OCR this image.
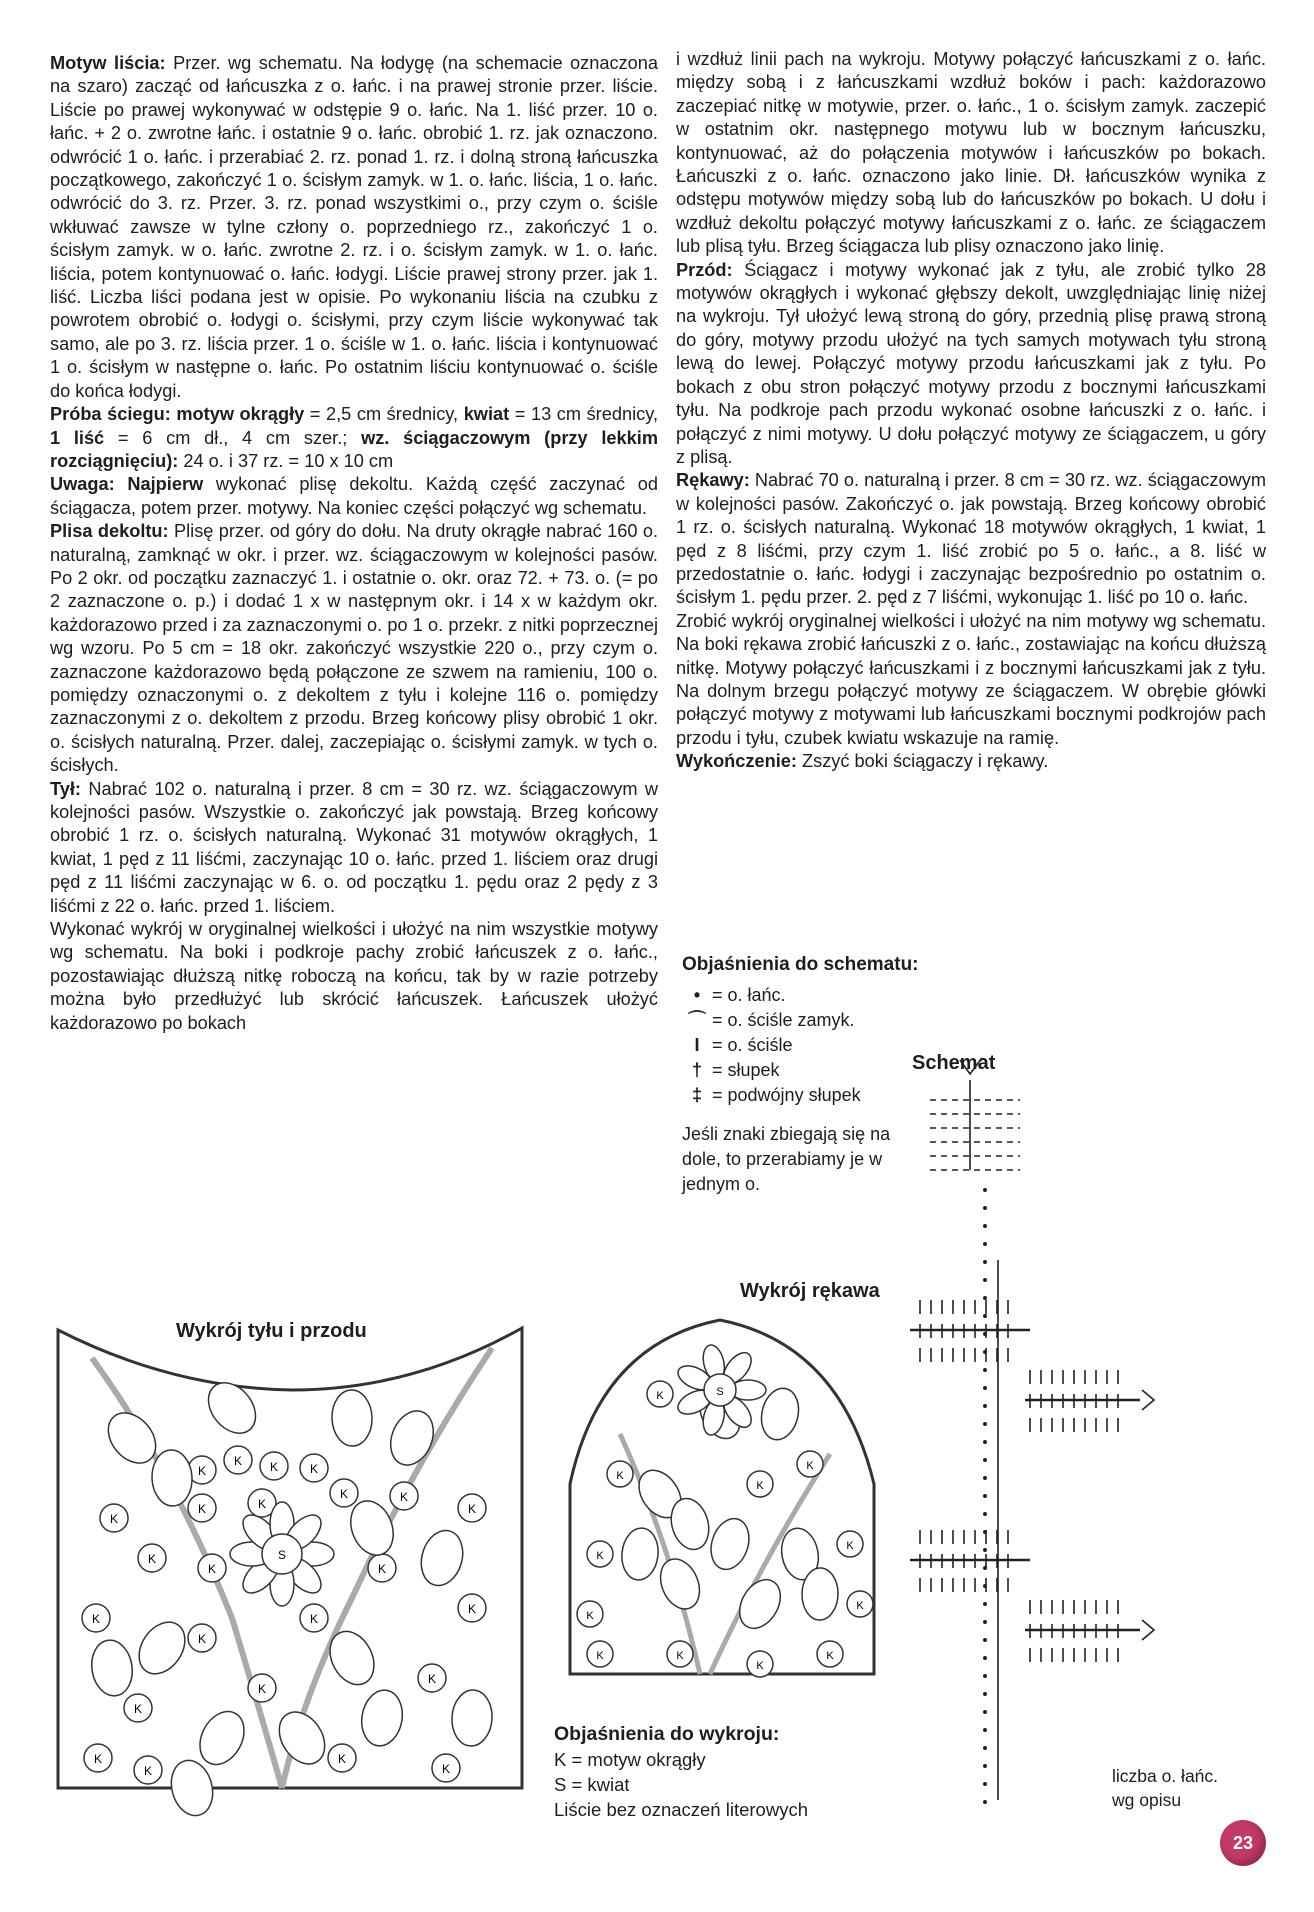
Motyw liścia: Przer. wg schematu. Na łodygę (na schemacie oznaczona na szaro) zacząć od łańcuszka z o. łańc. i na prawej stronie przer. liście. Liście po prawej wykonywać w odstępie 9 o. łańc. Na 1. liść przer. 10 o. łańc. + 2 o. zwrotne łańc. i ostatnie 9 o. łańc. obrobić 1. rz. jak oznaczono. odwrócić 1 o. łańc. i przerabiać 2. rz. ponad 1. rz. i dolną stroną łańcuszka początkowego, zakończyć 1 o. ścisłym zamyk. w 1. o. łańc. liścia, 1 o. łańc. odwrócić do 3. rz. Przer. 3. rz. ponad wszystkimi o., przy czym o. ściśle wkłuwać zawsze w tylne człony o. poprzedniego rz., zakończyć 1 o. ścisłym zamyk. w o. łańc. zwrotne 2. rz. i o. ścisłym zamyk. w 1. o. łańc. liścia, potem kontynuować o. łańc. łodygi. Liście prawej strony przer. jak 1. liść. Liczba liści podana jest w opisie. Po wykonaniu liścia na czubku z powrotem obrobić o. łodygi o. ścisłymi, przy czym liście wykonywać tak samo, ale po 3. rz. liścia przer. 1 o. ściśle w 1. o. łańc. liścia i kontynuować 1 o. ścisłym w następne o. łańc. Po ostatnim liściu kontynuować o. ściśle do końca łodygi.

Próba ściegu: motyw okrągły = 2,5 cm średnicy, kwiat = 13 cm średnicy, 1 liść = 6 cm dł., 4 cm szer.; wz. ściągaczowym (przy lekkim rozciągnięciu): 24 o. i 37 rz. = 10 x 10 cm

Uwaga: Najpierw wykonać plisę dekoltu. Każdą część zaczynać od ściągacza, potem przer. motywy. Na koniec części połączyć wg schematu.

Plisa dekoltu: Plisę przer. od góry do dołu. Na druty okrągłe nabrać 160 o. naturalną, zamknąć w okr. i przer. wz. ściągaczowym w kolejności pasów. Po 2 okr. od początku zaznaczyć 1. i ostatnie o. okr. oraz 72. + 73. o. (= po 2 zaznaczone o. p.) i dodać 1 x w następnym okr. i 14 x w każdym okr. każdorazowo przed i za zaznaczonymi o. po 1 o. przekr. z nitki poprzecznej wg wzoru. Po 5 cm = 18 okr. zakończyć wszystkie 220 o., przy czym o. zaznaczone każdorazowo będą połączone ze szwem na ramieniu, 100 o. pomiędzy oznaczonymi o. z dekoltem z tyłu i kolejne 116 o. pomiędzy zaznaczonymi z o. dekoltem z przodu. Brzeg końcowy plisy obrobić 1 okr. o. ścisłych naturalną. Przer. dalej, zaczepiając o. ścisłymi zamyk. w tych o. ścisłych.

Tył: Nabrać 102 o. naturalną i przer. 8 cm = 30 rz. wz. ściągaczowym w kolejności pasów. Wszystkie o. zakończyć jak powstają. Brzeg końcowy obrobić 1 rz. o. ścisłych naturalną. Wykonać 31 motywów okrągłych, 1 kwiat, 1 pęd z 11 liśćmi, zaczynając 10 o. łańc. przed 1. liściem oraz drugi pęd z 11 liśćmi zaczynając w 6. o. od początku 1. pędu oraz 2 pędy z 3 liśćmi z 22 o. łańc. przed 1. liściem.

Wykonać wykrój w oryginalnej wielkości i ułożyć na nim wszystkie motywy wg schematu. Na boki i podkroje pachy zrobić łańcuszek z o. łańc., pozostawiając dłuższą nitkę roboczą na końcu, tak by w razie potrzeby można było przedłużyć lub skrócić łańcuszek. Łańcuszek ułożyć każdorazowo po bokach

i wzdłuż linii pach na wykroju. Motywy połączyć łańcuszkami z o. łańc. między sobą i z łańcuszkami wzdłuż boków i pach: każdorazowo zaczepiać nitkę w motywie, przer. o. łańc., 1 o. ścisłym zamyk. zaczepić w ostatnim okr. następnego motywu lub w bocznym łańcuszku, kontynuować, aż do połączenia motywów i łańcuszków po bokach. Łańcuszki z o. łańc. oznaczono jako linie. Dł. łańcuszków wynika z odstępu motywów między sobą lub do łańcuszków po bokach. U dołu i wzdłuż dekoltu połączyć motywy łańcuszkami z o. łańc. ze ściągaczem lub plisą tyłu. Brzeg ściągacza lub plisy oznaczono jako linię.

Przód: Ściągacz i motywy wykonać jak z tyłu, ale zrobić tylko 28 motywów okrągłych i wykonać głębszy dekolt, uwzględniając linię niżej na wykroju. Tył ułożyć lewą stroną do góry, przednią plisę prawą stroną do góry, motywy przodu ułożyć na tych samych motywach tyłu stroną lewą do lewej. Połączyć motywy przodu łańcuszkami jak z tyłu. Po bokach z obu stron połączyć motywy przodu z bocznymi łańcuszkami tyłu. Na podkroje pach przodu wykonać osobne łańcuszki z o. łańc. i połączyć z nimi motywy. U dołu połączyć motywy ze ściągaczem, u góry z plisą.

Rękawy: Nabrać 70 o. naturalną i przer. 8 cm = 30 rz. wz. ściągaczowym w kolejności pasów. Zakończyć o. jak powstają. Brzeg końcowy obrobić 1 rz. o. ścisłych naturalną. Wykonać 18 motywów okrągłych, 1 kwiat, 1 pęd z 8 liśćmi, przy czym 1. liść zrobić po 5 o. łańc., a 8. liść w przedostatnie o. łańc. łodygi i zaczynając bezpośrednio po ostatnim o. ścisłym 1. pędu przer. 2. pęd z 7 liśćmi, wykonując 1. liść po 10 o. łańc.

Zrobić wykrój oryginalnej wielkości i ułożyć na nim motywy wg schematu. Na boki rękawa zrobić łańcuszki z o. łańc., zostawiając na końcu dłuższą nitkę. Motywy połączyć łańcuszkami i z bocznymi łańcuszkami jak z tyłu. Na dolnym brzegu połączyć motywy ze ściągaczem. W obrębie główki połączyć motywy z motywami lub łańcuszkami bocznymi podkrojów pach przodu i tyłu, czubek kwiatu wskazuje na ramię.

Wykończenie: Zszyć boki ściągaczy i rękawy.

Objaśnienia do schematu:
• = o. łańc.
⌒ = o. ściśle zamyk.
I = o. ściśle
† = słupek
‡ = podwójny słupek
Jeśli znaki zbiegają się na dole, to przerabiamy je w jednym o.
Schemat
Wykrój tyłu i przodu
Wykrój rękawa
K
K K	K
K
K
K	K
K	K
K
K
K
K
K
K
K
K
K
K
K
K
K
K
S
K
K	K
K
K
K
K
K
K
K
K
K
S
Objaśnienia do wykroju:
K = motyw okrągły
S = kwiat
Liście bez oznaczeń literowych
liczba o. łańc.
wg opisu
23
